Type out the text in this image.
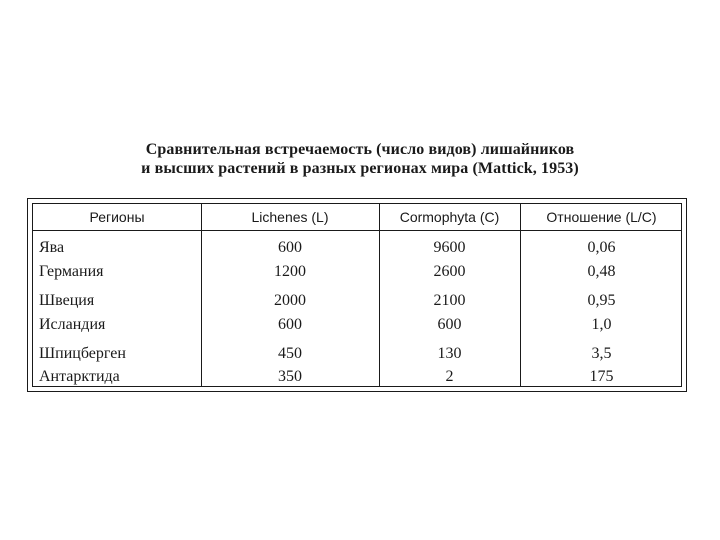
Сравнительная встречаемость (число видов) лишайников
и высших растений в разных регионах мира (Mattick, 1953)
Регионы	Lichenes (L)	Cormophyta (C)	Отношение (L/C)
Ява	600	9600	0,06
Германия	1200	2600	0,48
Швеция	2000	2100	0,95
Исландия	600	600	1,0
Шпицберген	450	130	3,5
Антарктида	350	2	175
